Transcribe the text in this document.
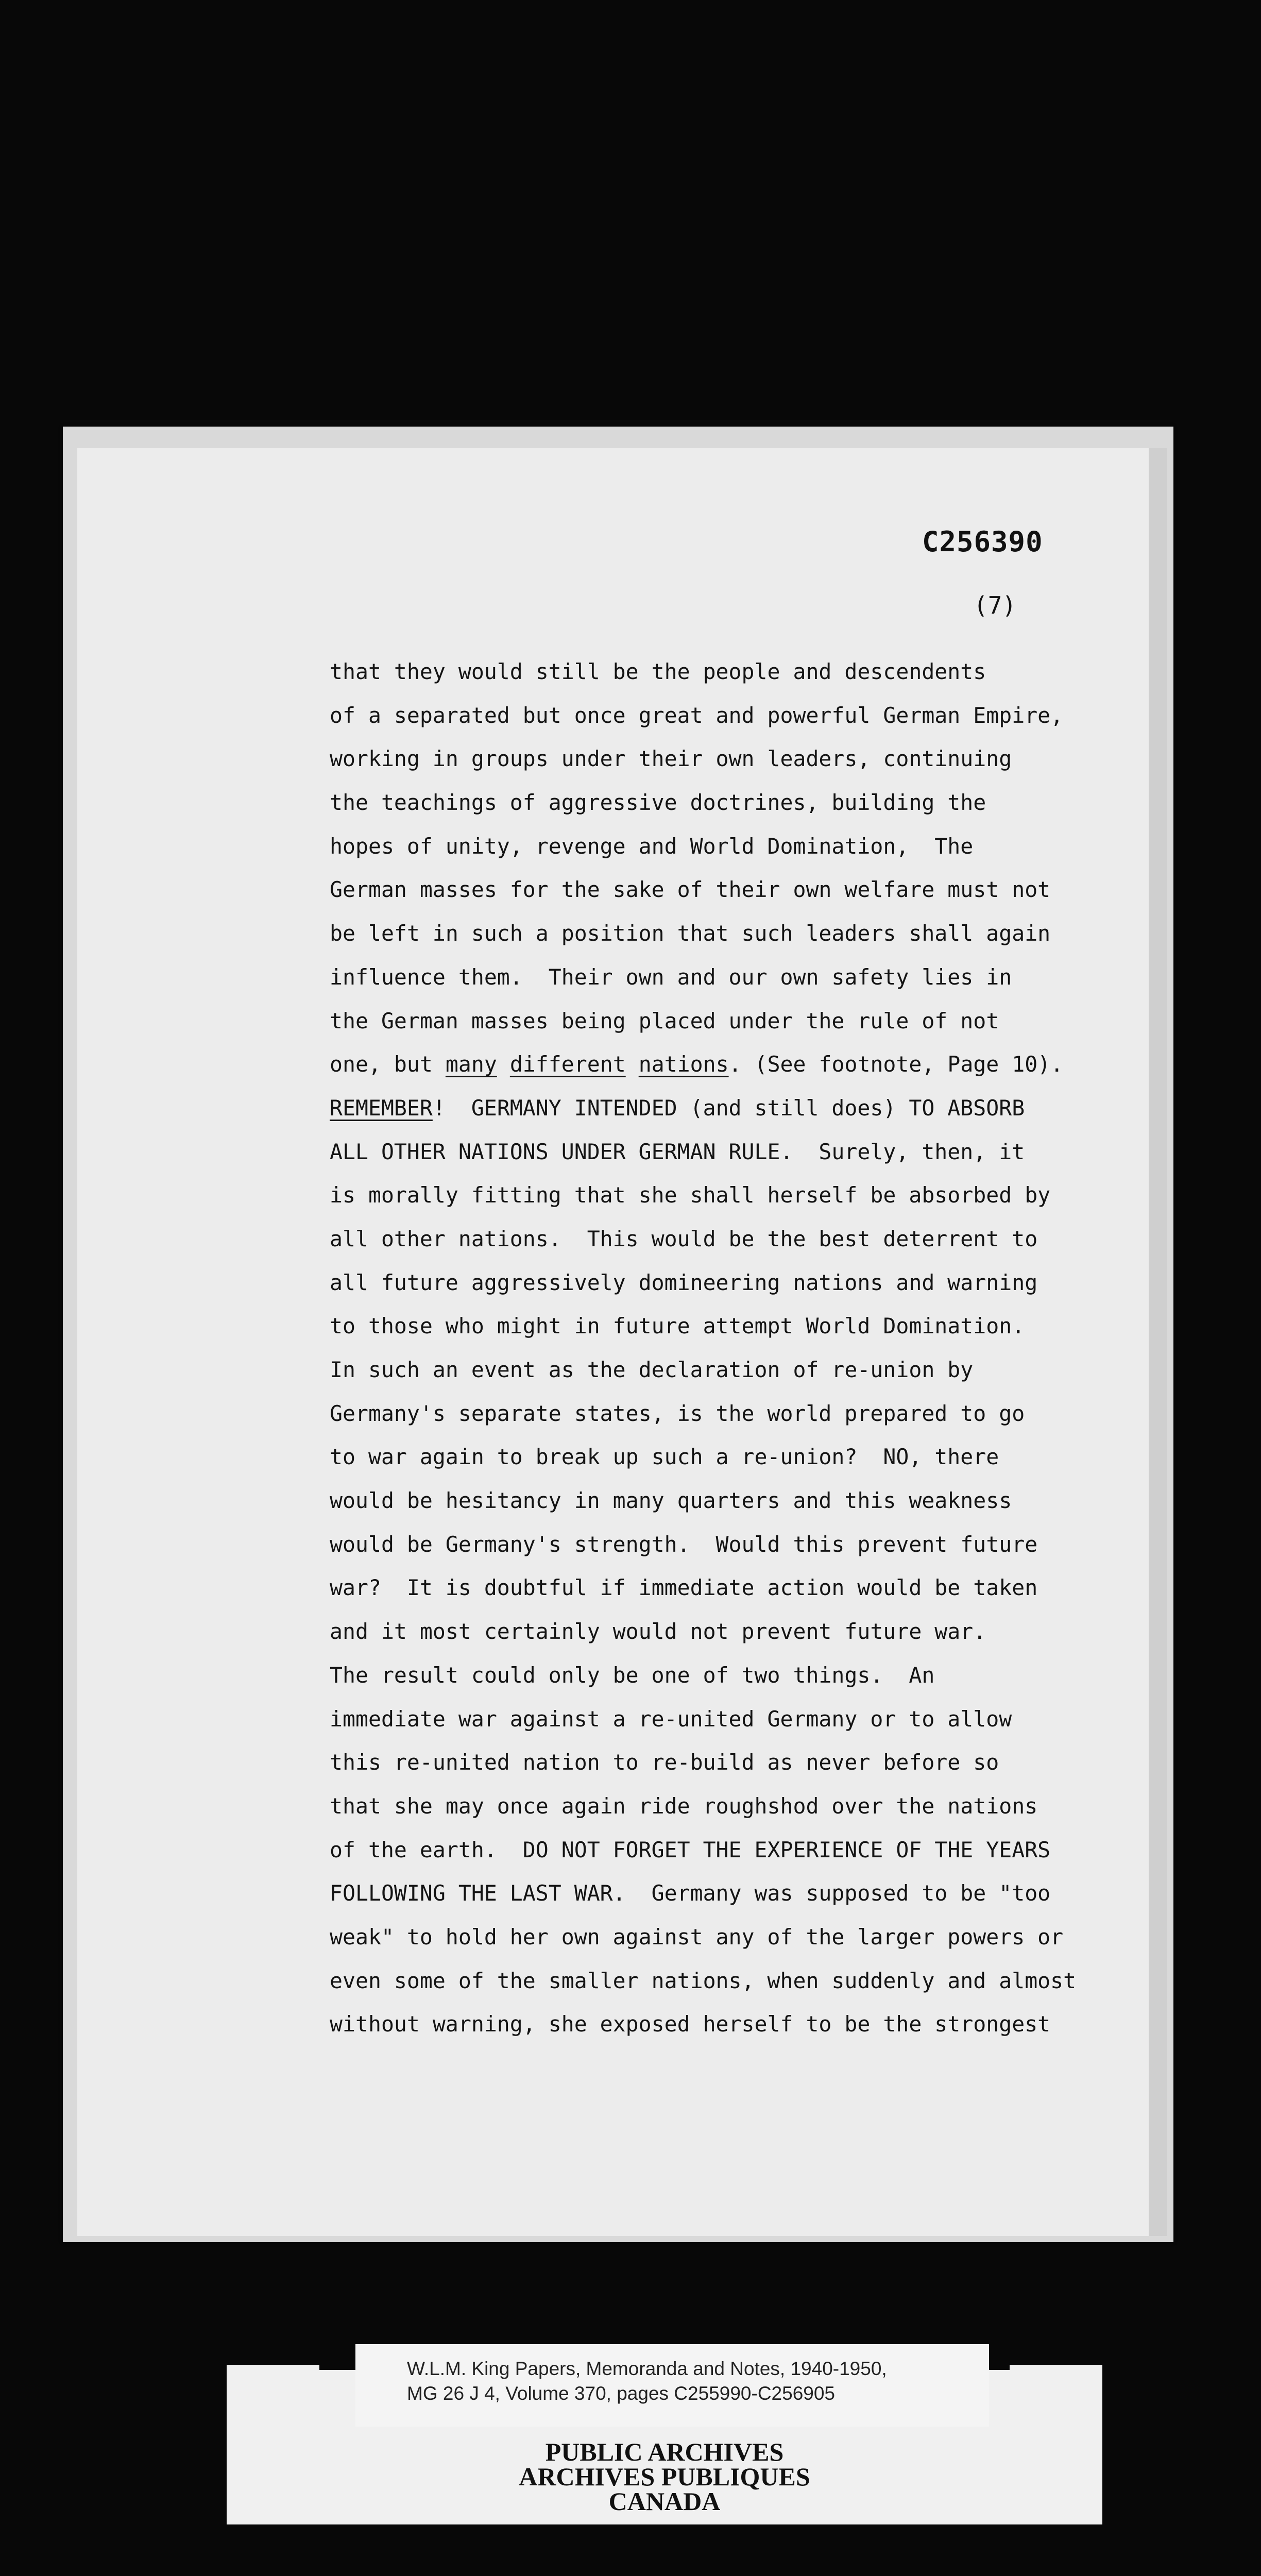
C256390
(7)
that they would still be the people and descendents
of a separated but once great and powerful German Empire,
working in groups under their own leaders, continuing
the teachings of aggressive doctrines, building the
hopes of unity, revenge and World Domination,  The
German masses for the sake of their own welfare must not
be left in such a position that such leaders shall again
influence them.  Their own and our own safety lies in
the German masses being placed under the rule of not
one, but many different nations. (See footnote, Page 10).
REMEMBER!  GERMANY INTENDED (and still does) TO ABSORB
ALL OTHER NATIONS UNDER GERMAN RULE.  Surely, then, it
is morally fitting that she shall herself be absorbed by
all other nations.  This would be the best deterrent to
all future aggressively domineering nations and warning
to those who might in future attempt World Domination.
In such an event as the declaration of re-union by
Germany's separate states, is the world prepared to go
to war again to break up such a re-union?  NO, there
would be hesitancy in many quarters and this weakness
would be Germany's strength.  Would this prevent future
war?  It is doubtful if immediate action would be taken
and it most certainly would not prevent future war.
The result could only be one of two things.  An
immediate war against a re-united Germany or to allow
this re-united nation to re-build as never before so
that she may once again ride roughshod over the nations
of the earth.  DO NOT FORGET THE EXPERIENCE OF THE YEARS
FOLLOWING THE LAST WAR.  Germany was supposed to be "too
weak" to hold her own against any of the larger powers or
even some of the smaller nations, when suddenly and almost
without warning, she exposed herself to be the strongest
W.L.M. King Papers, Memoranda and Notes, 1940-1950,
MG 26 J 4, Volume 370, pages C255990-C256905
PUBLIC ARCHIVES
ARCHIVES PUBLIQUES
CANADA
